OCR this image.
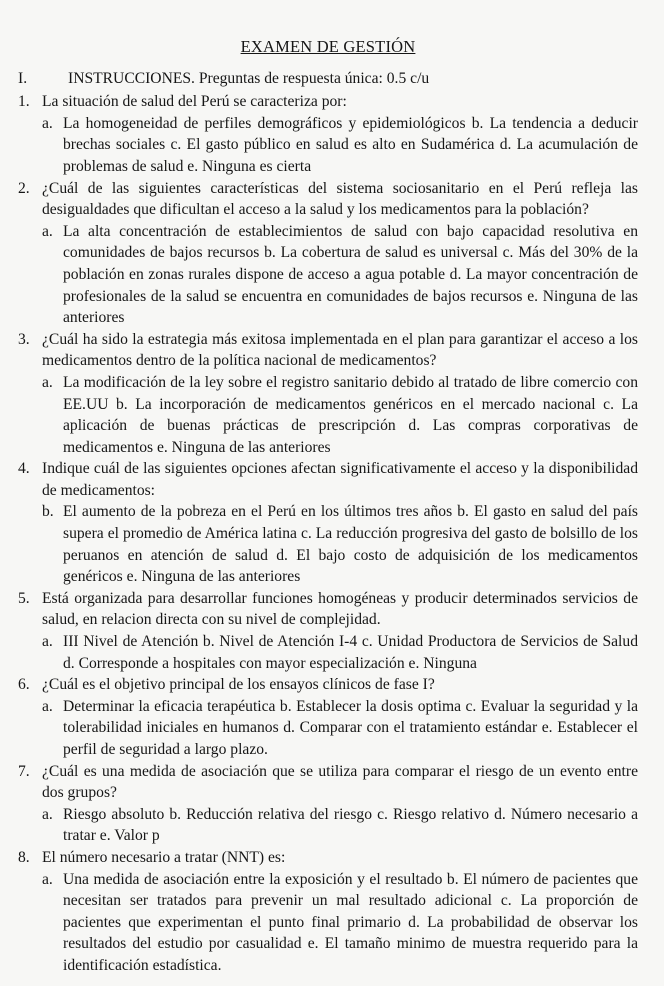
EXAMEN DE GESTIÓN
I.	INSTRUCCIONES. Preguntas de respuesta única: 0.5 c/u
1. La situación de salud del Perú se caracteriza por:
a. La homogeneidad de perfiles demográficos y epidemiológicos b. La tendencia a deducir brechas sociales c. El gasto público en salud es alto en Sudamérica d. La acumulación de problemas de salud e. Ninguna es cierta
2. ¿Cuál de las siguientes características del sistema sociosanitario en el Perú refleja las desigualdades que dificultan el acceso a la salud y los medicamentos para la población?
a. La alta concentración de establecimientos de salud con bajo capacidad resolutiva en comunidades de bajos recursos b. La cobertura de salud es universal c. Más del 30% de la población en zonas rurales dispone de acceso a agua potable d. La mayor concentración de profesionales de la salud se encuentra en comunidades de bajos recursos e. Ninguna de las anteriores
3. ¿Cuál ha sido la estrategia más exitosa implementada en el plan para garantizar el acceso a los medicamentos dentro de la política nacional de medicamentos?
a. La modificación de la ley sobre el registro sanitario debido al tratado de libre comercio con EE.UU b. La incorporación de medicamentos genéricos en el mercado nacional c. La aplicación de buenas prácticas de prescripción d. Las compras corporativas de medicamentos e. Ninguna de las anteriores
4. Indique cuál de las siguientes opciones afectan significativamente el acceso y la disponibilidad de medicamentos:
b. El aumento de la pobreza en el Perú en los últimos tres años b. El gasto en salud del país supera el promedio de América latina c. La reducción progresiva del gasto de bolsillo de los peruanos en atención de salud d. El bajo costo de adquisición de los medicamentos genéricos e. Ninguna de las anteriores
5. Está organizada para desarrollar funciones homogéneas y producir determinados servicios de salud, en relacion directa con su nivel de complejidad.
a. III Nivel de Atención b. Nivel de Atención I-4 c. Unidad Productora de Servicios de Salud d. Corresponde a hospitales con mayor especialización e. Ninguna
6. ¿Cuál es el objetivo principal de los ensayos clínicos de fase I?
a. Determinar la eficacia terapéutica b. Establecer la dosis optima c. Evaluar la seguridad y la tolerabilidad iniciales en humanos d. Comparar con el tratamiento estándar e. Establecer el perfil de seguridad a largo plazo.
7. ¿Cuál es una medida de asociación que se utiliza para comparar el riesgo de un evento entre dos grupos?
a. Riesgo absoluto b. Reducción relativa del riesgo c. Riesgo relativo d. Número necesario a tratar e. Valor p
8. El número necesario a tratar (NNT) es:
a. Una medida de asociación entre la exposición y el resultado b. El número de pacientes que necesitan ser tratados para prevenir un mal resultado adicional c. La proporción de pacientes que experimentan el punto final primario d. La probabilidad de observar los resultados del estudio por casualidad e. El tamaño minimo de muestra requerido para la identificación estadística.
